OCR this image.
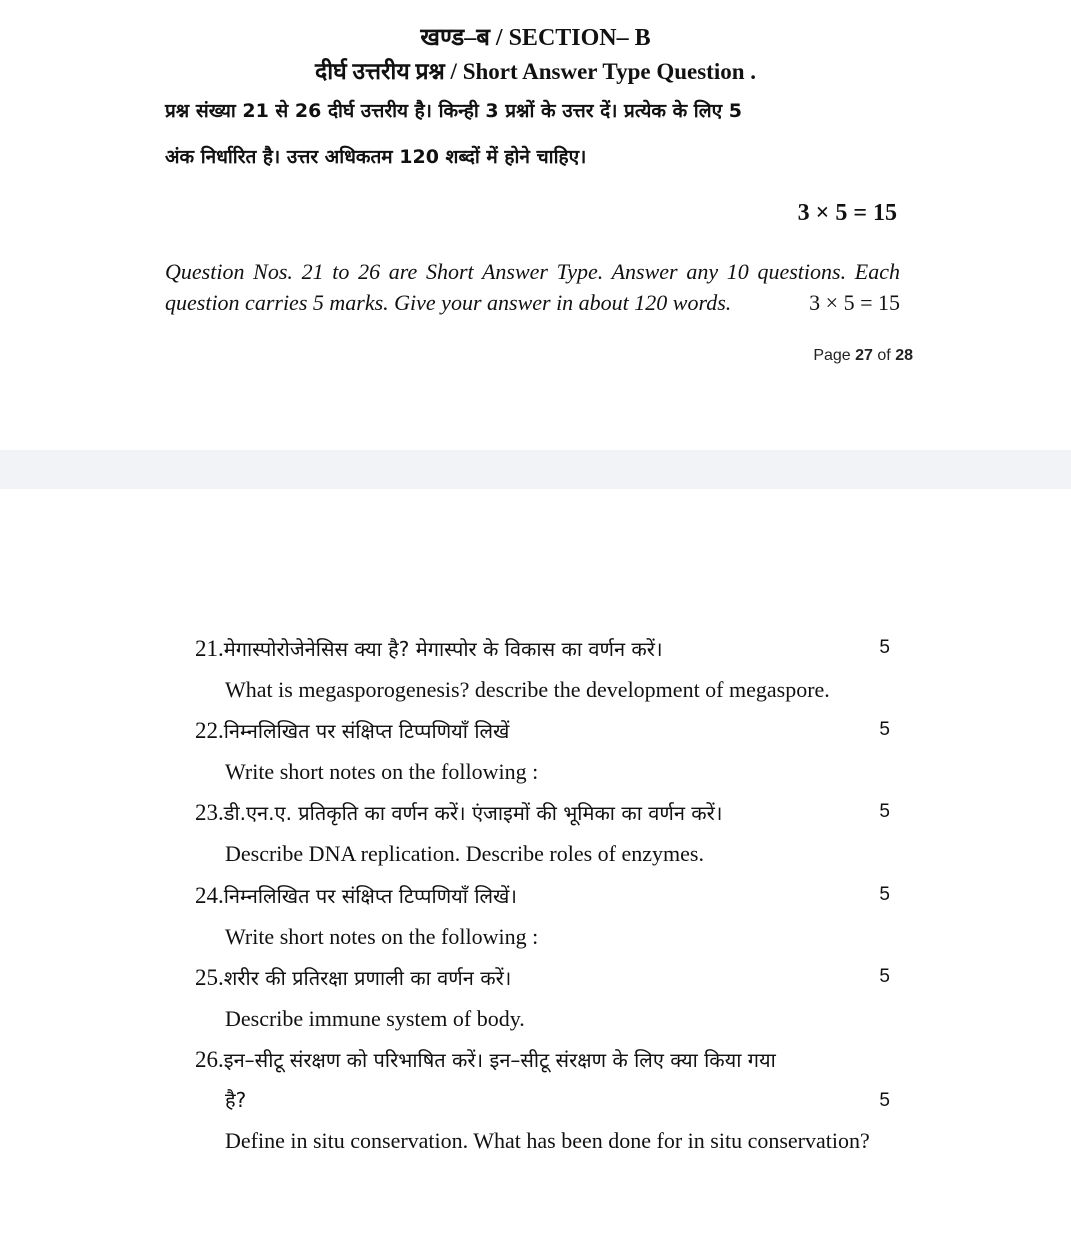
खण्ड–ब / SECTION– B
दीर्घ उत्तरीय प्रश्न / Short Answer Type Question .
प्रश्न संख्या 21 से 26 दीर्घ उत्तरीय है। किन्ही 3 प्रश्नों के उत्तर दें। प्रत्येक के लिए 5
अंक निर्धारित है। उत्तर अधिकतम 120 शब्दों में होने चाहिए।
3 × 5 = 15

Question Nos. 21 to 26 are Short Answer Type. Answer any 10 questions. Each question carries 5 marks. Give your answer in about 120 words.	3 × 5 = 15

Page 27 of 28
21.मेगास्पोरोजेनेसिस क्या है? मेगास्पोर के विकास का वर्णन करें।	5
What is megasporogenesis? describe the development of megaspore.
22.निम्नलिखित पर संक्षिप्त टिप्पणियाँ लिखें	5
Write short notes on the following :
23.डी.एन.ए. प्रतिकृति का वर्णन करें। एंजाइमों की भूमिका का वर्णन करें।	5
Describe DNA replication. Describe roles of enzymes.
24.निम्नलिखित पर संक्षिप्त टिप्पणियाँ लिखें।	5
Write short notes on the following :
25.शरीर की प्रतिरक्षा प्रणाली का वर्णन करें।	5
Describe immune system of body.
26.इन–सीटू संरक्षण को परिभाषित करें। इन–सीटू संरक्षण के लिए क्या किया गया
है?	5
Define in situ conservation. What has been done for in situ conservation?
